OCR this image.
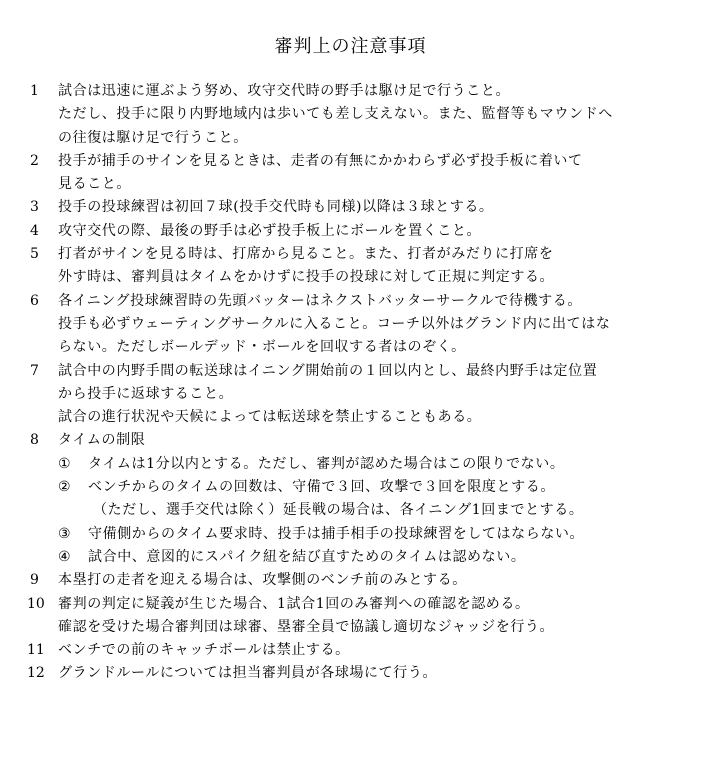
審判上の注意事項
1 試合は迅速に運ぶよう努め、攻守交代時の野手は駆け足で行うこと。
ただし、投手に限り内野地域内は歩いても差し支えない。また、監督等もマウンドへ
の往復は駆け足で行うこと。
2 投手が捕手のサインを見るときは、走者の有無にかかわらず必ず投手板に着いて
見ること。
3 投手の投球練習は初回７球(投手交代時も同様)以降は３球とする。
4 攻守交代の際、最後の野手は必ず投手板上にボールを置くこと。
5 打者がサインを見る時は、打席から見ること。また、打者がみだりに打席を
外す時は、審判員はタイムをかけずに投手の投球に対して正規に判定する。
6 各イニング投球練習時の先頭バッターはネクストバッターサークルで待機する。
投手も必ずウェーティングサークルに入ること。コーチ以外はグランド内に出てはな
らない。ただしボールデッド・ボールを回収する者はのぞく。
7 試合中の内野手間の転送球はイニング開始前の１回以内とし、最終内野手は定位置
から投手に返球すること。
試合の進行状況や天候によっては転送球を禁止することもある。
8 タイムの制限
① タイムは1分以内とする。ただし、審判が認めた場合はこの限りでない。
② ベンチからのタイムの回数は、守備で３回、攻撃で３回を限度とする。
（ただし、選手交代は除く）延長戦の場合は、各イニング1回までとする。
③ 守備側からのタイム要求時、投手は捕手相手の投球練習をしてはならない。
④ 試合中、意図的にスパイク紐を結び直すためのタイムは認めない。
9 本塁打の走者を迎える場合は、攻撃側のベンチ前のみとする。
10 審判の判定に疑義が生じた場合、1試合1回のみ審判への確認を認める。
確認を受けた場合審判団は球審、塁審全員で協議し適切なジャッジを行う。
11 ベンチでの前のキャッチボールは禁止する。
12 グランドルールについては担当審判員が各球場にて行う。
